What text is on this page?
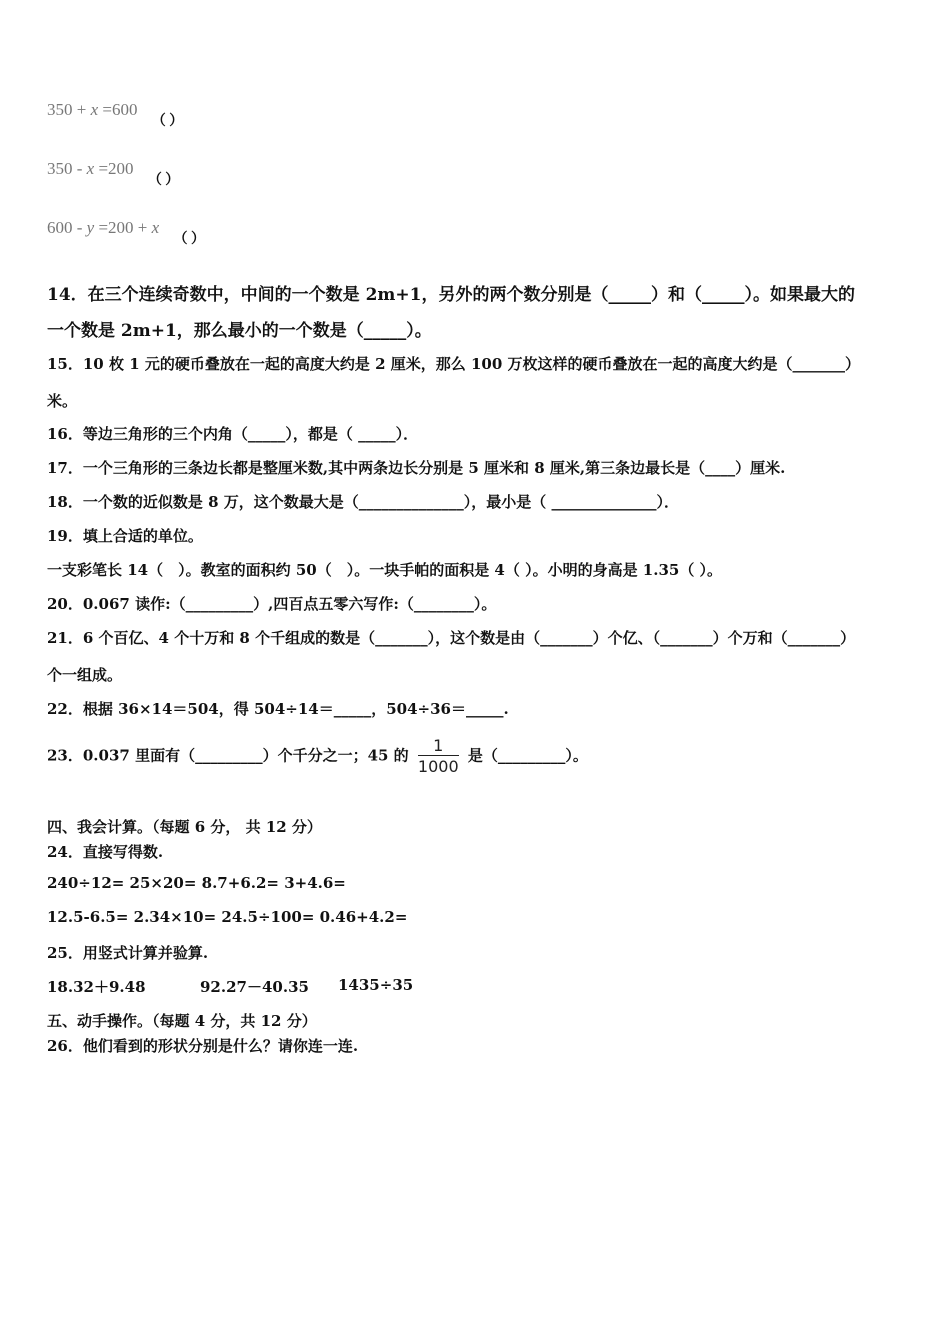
350 + x =600 $_{( )}$
350 - x =200 $_{( )}$
600 - y =200 + x $_{( )}$
14．在三个连续奇数中，中间的一个数是 2m+1，另外的两个数分别是（_____）和（_____）。如果最大的
一个数是 2m+1，那么最小的一个数是（_____）。
15．10 枚 1 元的硬币叠放在一起的高度大约是 2 厘米，那么 100 万枚这样的硬币叠放在一起的高度大约是（_______）
米。
16．等边三角形的三个内角（_____），都是（ _____）．
17．一个三角形的三条边长都是整厘米数,其中两条边长分别是 5 厘米和 8 厘米,第三条边最长是（____）厘米.
18．一个数的近似数是 8 万，这个数最大是（______________），最小是（ ______________）．
19．填上合适的单位。
一支彩笔长 14（　）。教室的面积约 50（　）。一块手帕的面积是 4（ ）。小明的身高是 1.35（ ）。
20．0.067 读作:（_________）,四百点五零六写作:（________）。
21．6 个百亿、4 个十万和 8 个千组成的数是（_______），这个数是由（_______）个亿、（_______）个万和（_______）
个一组成。
22．根据 36×14＝504，得 504÷14＝_____，504÷36＝_____.
23．0.037 里面有（_________）个千分之一；45 的 $\frac{1}{1000}$ 是（_________）。
四、我会计算。（每题 6 分， 共 12 分）
24．直接写得数.
240÷12= 25×20= 8.7+6.2= 3+4.6=
12.5-6.5= 2.34×10= 24.5÷100= 0.46+4.2=
25．用竖式计算并验算.
18.32＋9.48	92.27－40.35 1435÷35
五、动手操作。（每题 4 分，共 12 分）
26．他们看到的形状分别是什么？请你连一连.
